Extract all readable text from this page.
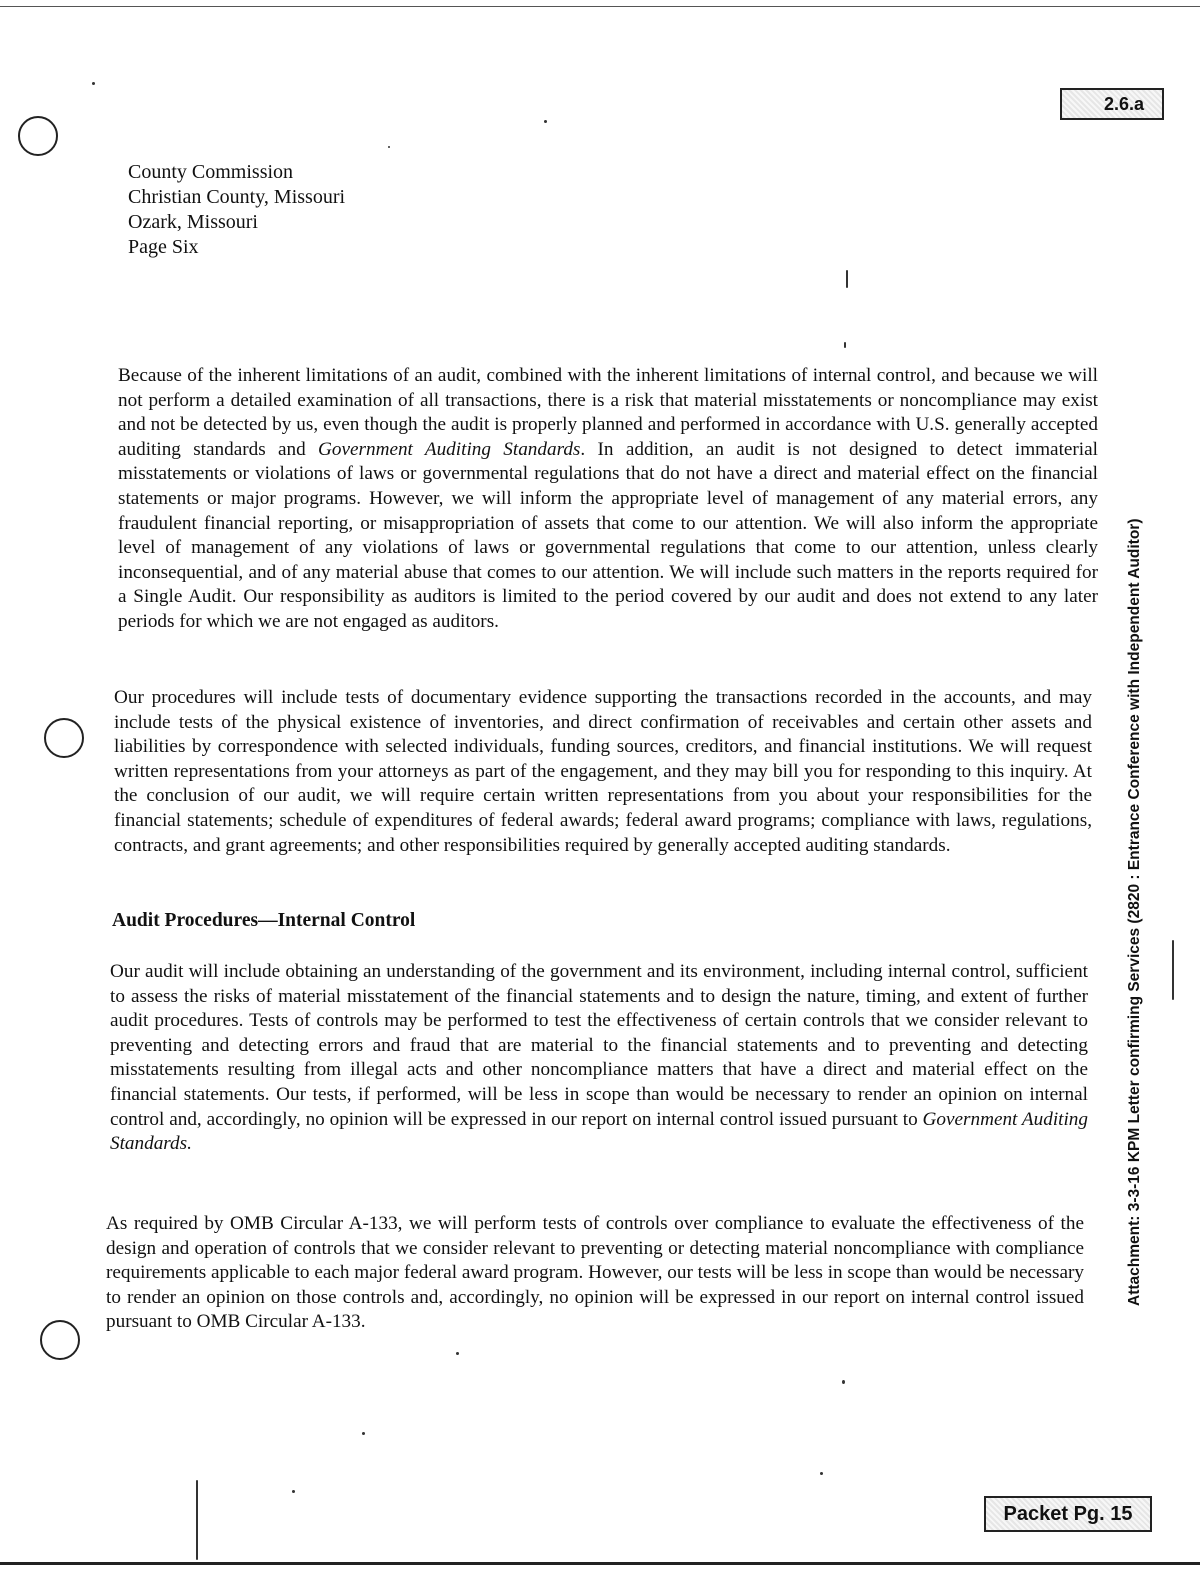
2.6.a
County Commission
Christian County, Missouri
Ozark, Missouri
Page Six

Because of the inherent limitations of an audit, combined with the inherent limitations of internal control, and because we will not perform a detailed examination of all transactions, there is a risk that material misstatements or noncompliance may exist and not be detected by us, even though the audit is properly planned and performed in accordance with U.S. generally accepted auditing standards and Government Auditing Standards. In addition, an audit is not designed to detect immaterial misstatements or violations of laws or governmental regulations that do not have a direct and material effect on the financial statements or major programs. However, we will inform the appropriate level of management of any material errors, any fraudulent financial reporting, or misappropriation of assets that come to our attention. We will also inform the appropriate level of management of any violations of laws or governmental regulations that come to our attention, unless clearly inconsequential, and of any material abuse that comes to our attention. We will include such matters in the reports required for a Single Audit. Our responsibility as auditors is limited to the period covered by our audit and does not extend to any later periods for which we are not engaged as auditors.

Our procedures will include tests of documentary evidence supporting the transactions recorded in the accounts, and may include tests of the physical existence of inventories, and direct confirmation of receivables and certain other assets and liabilities by correspondence with selected individuals, funding sources, creditors, and financial institutions. We will request written representations from your attorneys as part of the engagement, and they may bill you for responding to this inquiry. At the conclusion of our audit, we will require certain written representations from you about your responsibilities for the financial statements; schedule of expenditures of federal awards; federal award programs; compliance with laws, regulations, contracts, and grant agreements; and other responsibilities required by generally accepted auditing standards.

Audit Procedures—Internal Control

Our audit will include obtaining an understanding of the government and its environment, including internal control, sufficient to assess the risks of material misstatement of the financial statements and to design the nature, timing, and extent of further audit procedures. Tests of controls may be performed to test the effectiveness of certain controls that we consider relevant to preventing and detecting errors and fraud that are material to the financial statements and to preventing and detecting misstatements resulting from illegal acts and other noncompliance matters that have a direct and material effect on the financial statements. Our tests, if performed, will be less in scope than would be necessary to render an opinion on internal control and, accordingly, no opinion will be expressed in our report on internal control issued pursuant to Government Auditing Standards.

As required by OMB Circular A-133, we will perform tests of controls over compliance to evaluate the effectiveness of the design and operation of controls that we consider relevant to preventing or detecting material noncompliance with compliance requirements applicable to each major federal award program. However, our tests will be less in scope than would be necessary to render an opinion on those controls and, accordingly, no opinion will be expressed in our report on internal control issued pursuant to OMB Circular A-133.

Attachment: 3-3-16 KPM Letter confirming Services (2820 : Entrance Conference with Independent Auditor)
Packet Pg. 15
